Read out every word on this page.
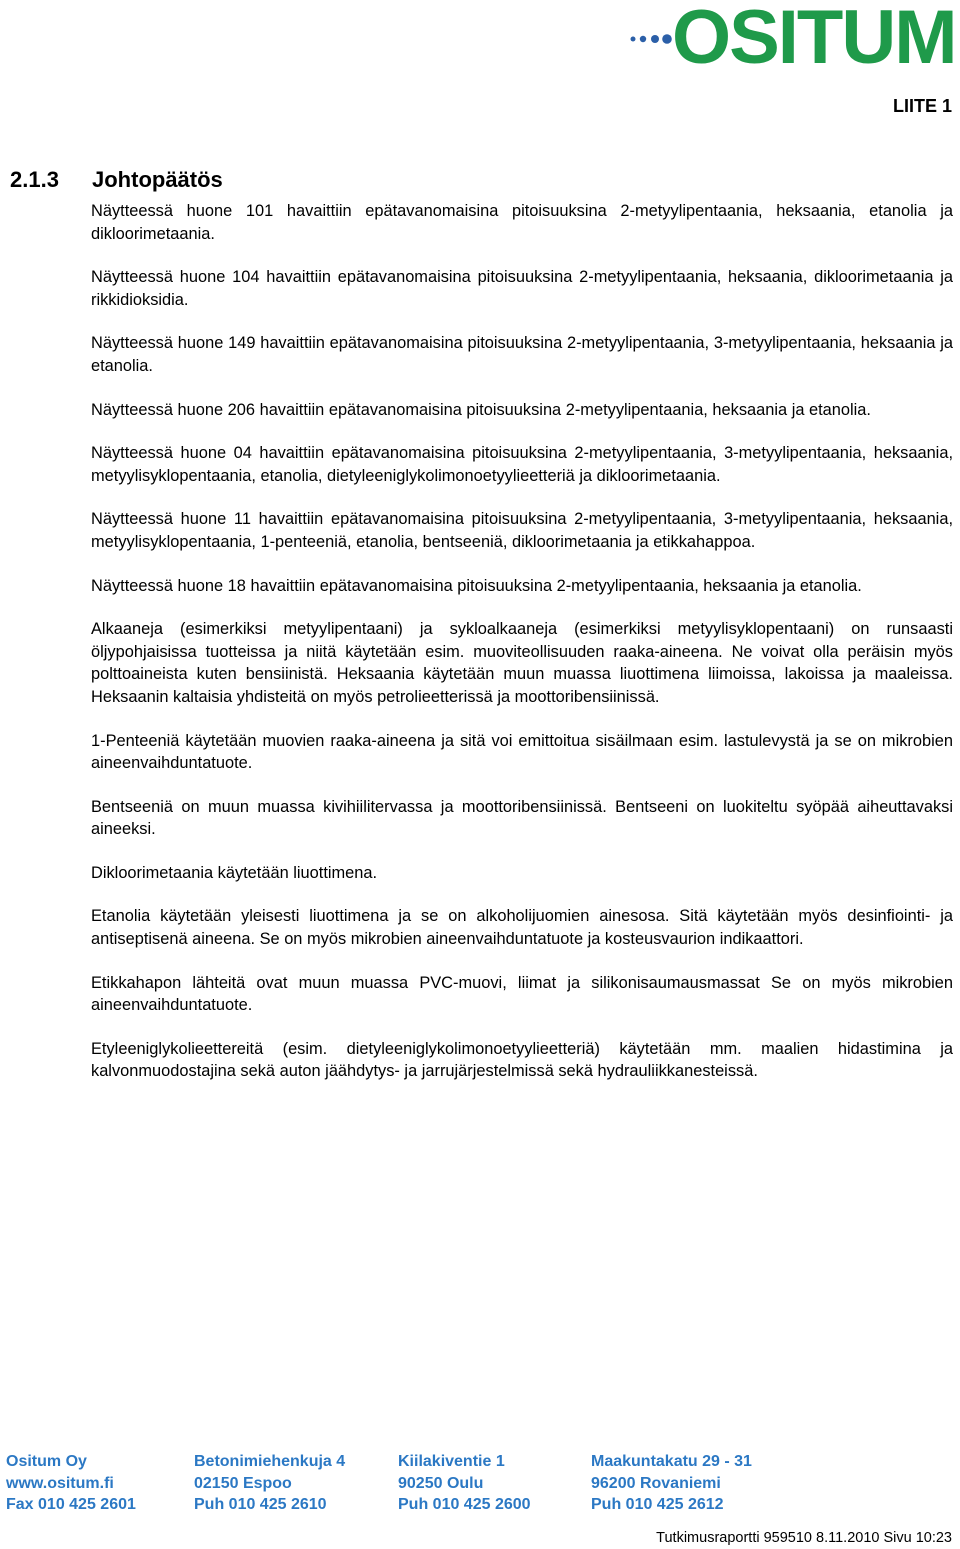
OSITUM
LIITE 1
2.1.3 Johtopäätös

Näytteessä huone 101 havaittiin epätavanomaisina pitoisuuksina 2-metyylipentaania, heksaania, etanolia ja dikloorimetaania.

Näytteessä huone 104 havaittiin epätavanomaisina pitoisuuksina 2-metyylipentaania, heksaania, dikloorimetaania ja rikkidioksidia.

Näytteessä huone 149 havaittiin epätavanomaisina pitoisuuksina 2-metyylipentaania, 3-metyylipentaania, heksaania ja etanolia.

Näytteessä huone 206 havaittiin epätavanomaisina pitoisuuksina 2-metyylipentaania, heksaania ja etanolia.

Näytteessä huone 04 havaittiin epätavanomaisina pitoisuuksina 2-metyylipentaania, 3-metyylipentaania, heksaania, metyylisyklopentaania, etanolia, dietyleeniglykolimonoetyylieetteriä ja dikloorimetaania.

Näytteessä huone 11 havaittiin epätavanomaisina pitoisuuksina 2-metyylipentaania, 3-metyylipentaania, heksaania, metyylisyklopentaania, 1-penteeniä, etanolia, bentseeniä, dikloorimetaania ja etikkahappoa.

Näytteessä huone 18 havaittiin epätavanomaisina pitoisuuksina 2-metyylipentaania, heksaania ja etanolia.

Alkaaneja (esimerkiksi metyylipentaani) ja sykloalkaaneja (esimerkiksi metyylisyklopentaani) on runsaasti öljypohjaisissa tuotteissa ja niitä käytetään esim. muoviteollisuuden raaka-aineena. Ne voivat olla peräisin myös polttoaineista kuten bensiinistä. Heksaania käytetään muun muassa liuottimena liimoissa, lakoissa ja maaleissa. Heksaanin kaltaisia yhdisteitä on myös petrolieetterissä ja moottoribensiinissä.

1-Penteeniä käytetään muovien raaka-aineena ja sitä voi emittoitua sisäilmaan esim. lastulevystä ja se on mikrobien aineenvaihduntatuote.

Bentseeniä on muun muassa kivihiilitervassa ja moottoribensiinissä. Bentseeni on luokiteltu syöpää aiheuttavaksi aineeksi.

Dikloorimetaania käytetään liuottimena.

Etanolia käytetään yleisesti liuottimena ja se on alkoholijuomien ainesosa. Sitä käytetään myös desinfiointi- ja antiseptisenä aineena. Se on myös mikrobien aineenvaihduntatuote ja kosteusvaurion indikaattori.

Etikkahapon lähteitä ovat muun muassa PVC-muovi, liimat ja silikonisaumausmassat Se on myös mikrobien aineenvaihduntatuote.

Etyleeniglykolieettereitä (esim. dietyleeniglykolimonoetyylieetteriä) käytetään mm. maalien hidastimina ja kalvonmuodostajina sekä auton jäähdytys- ja jarrujärjestelmissä sekä hydrauliikkanesteissä.

Ositum Oy
www.ositum.fi
Fax 010 425 2601
Betonimiehenkuja 4
02150 Espoo
Puh 010 425 2610
Kiilakiventie 1
90250 Oulu
Puh 010 425 2600
Maakuntakatu 29 - 31
96200 Rovaniemi
Puh 010 425 2612
Tutkimusraportti 959510 8.11.2010 Sivu 10:23
